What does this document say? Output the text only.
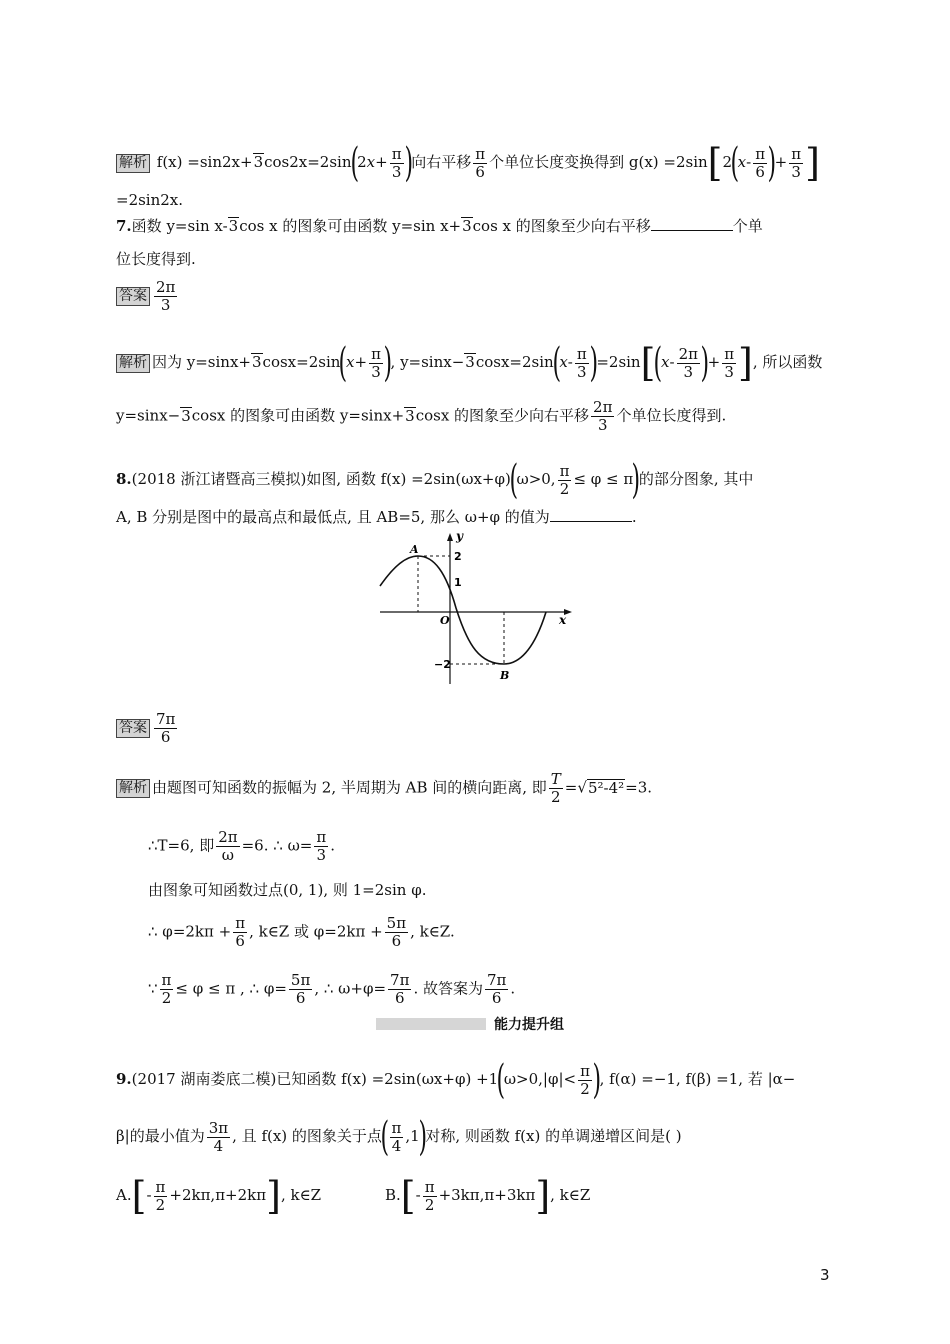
解析 $f(x) =\sin 2x+3\cos 2x=2\sin(2x+ \frac{\pi}{3}$ )向右平移 $\frac{\pi}{6}$ 个单位长度变换得到 $g(x) =2\sin[2(x- \frac{\pi}{6}$ )+ $\frac{\pi}{3}$ ]
=2sin2x.
7.函数 y=sin x-3cos x 的图象可由函数 y=sin x+3cos x 的图象至少向右平移	个单
位长度得到.
答案 $\frac{2\pi}{3}$
解析 因为 $y=\sin x+3\cos x=2\sin(x+ \frac{\pi}{3}$ ), $y=\sin x-3\cos x=2\sin(x- \frac{\pi}{3} )=2\sin[(x- \frac{2\pi}{3}$ )+ $\frac{\pi}{3}$ ], 所以函数
y=sinx−3cosx 的图象可由函数 y=sinx+3cosx 的图象至少向右平移 $\frac{2\pi}{3}$ 个单位长度得到.
8.(2018 浙江诸暨高三模拟)如图, 函数 f(x) =2sin(ωx+φ)(ω>0, $\frac{\pi}{2} \le \varphi \le \pi$)的部分图象, 其中
A, B 分别是图中的最高点和最低点, 且 AB=5, 那么 ω+φ 的值为	.
y
x
O
A
B
2
1
−2
答案 $\frac{7\pi}{6}$
解析 由题图可知函数的振幅为 2, 半周期为 AB 间的横向距离, 即 $\frac{T}{2} =√5^2-4^2=3$.
∴T=6, 即 $\frac{2\pi}{\omega} =6$. ∴ $\omega= \frac{\pi}{3}$ .
由图象可知函数过点(0, 1), 则 1=2sin φ.
∴ $\varphi=2k\pi + \frac{\pi}{6}$ , k∈Z 或 $\varphi=2k\pi + \frac{5\pi}{6}$ , k∈Z.
∵ $\frac{\pi}{2} \le \varphi \le \pi$ , ∴ $\varphi= \frac{5\pi}{6}$ , ∴ $\omega+\varphi= \frac{7\pi}{6}$ . 故答案为 $\frac{7\pi}{6}$ .
能力提升组
9.(2017 湖南娄底二模)已知函数 $f(x) =2\sin(\omega x+\varphi) +1(\omega>0,|\varphi|< \frac{\pi}{2}$ ), f(α) =−1, f(β) =1, 若 |α−
β|的最小值为 $\frac{3\pi}{4}$ , 且 f(x) 的图象关于点( $\frac{\pi}{4} ,1$)对称, 则函数 f(x) 的单调递增区间是( )
$A.[- \frac{\pi}{2} +2k\pi,\pi+2k\pi]$, k∈Z	$B.[- \frac{\pi}{2} +3k\pi,\pi+3k\pi]$, k∈Z
3
